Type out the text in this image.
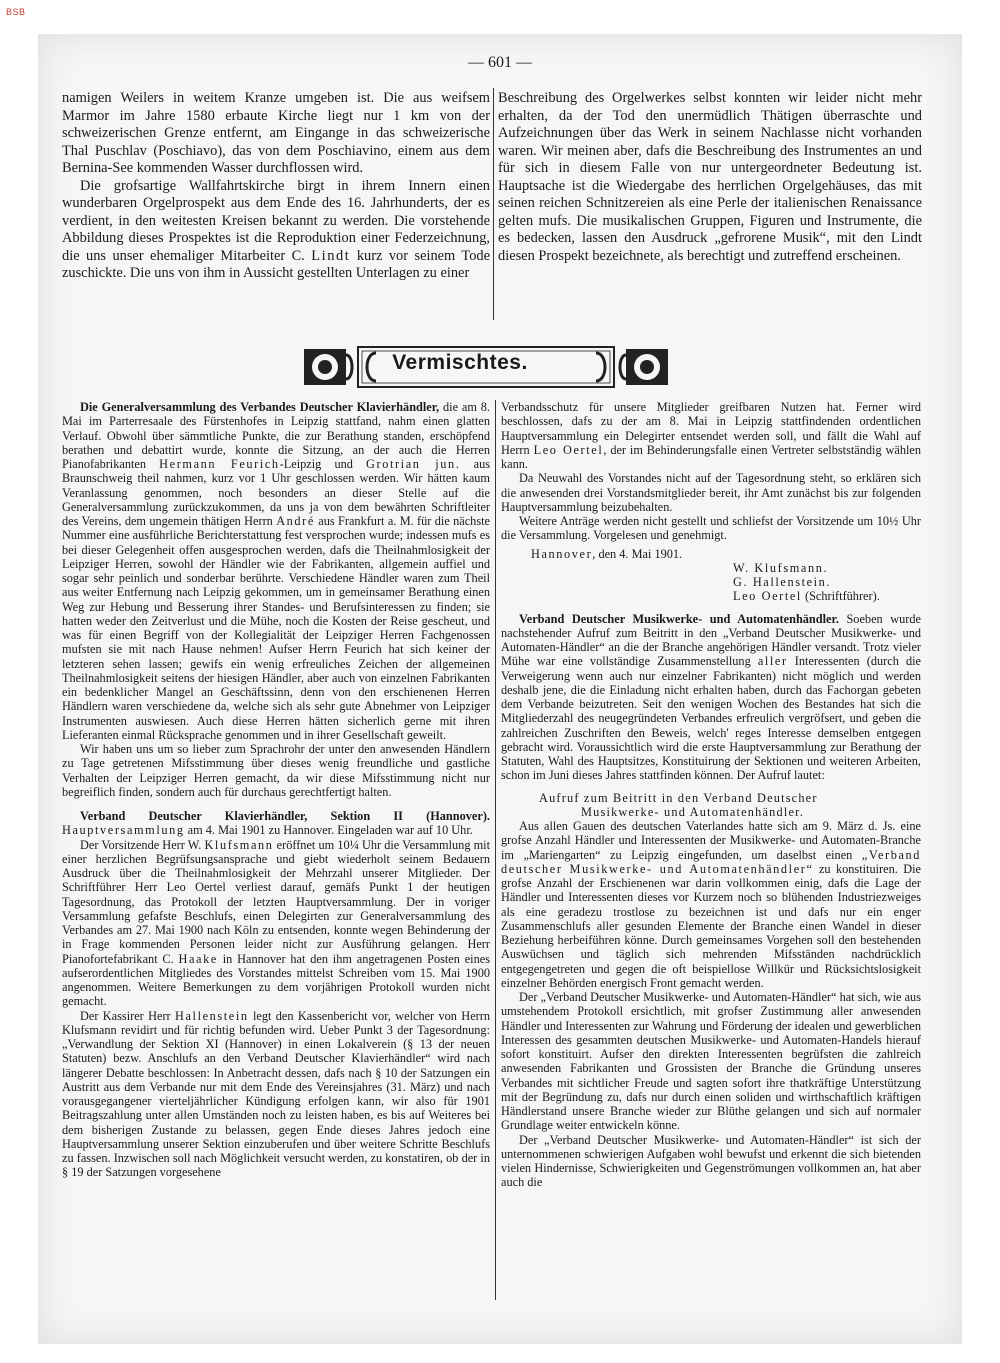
BSB
— 601 —

namigen Weilers in weitem Kranze umgeben ist. Die aus weifsem Marmor im Jahre 1580 erbaute Kirche liegt nur 1 km von der schweizerischen Grenze entfernt, am Eingange in das schweizerische Thal Puschlav (Poschiavo), das von dem Poschiavino, einem aus dem Bernina-See kommenden Wasser durchflossen wird.

Die grofsartige Wallfahrtskirche birgt in ihrem Innern einen wunderbaren Orgelprospekt aus dem Ende des 16. Jahrhunderts, der es verdient, in den weitesten Kreisen bekannt zu werden. Die vorstehende Abbildung dieses Prospektes ist die Reproduktion einer Federzeichnung, die uns unser ehemaliger Mitarbeiter C. Lindt kurz vor seinem Tode zuschickte. Die uns von ihm in Aussicht gestellten Unterlagen zu einer

Beschreibung des Orgelwerkes selbst konnten wir leider nicht mehr erhalten, da der Tod den unermüdlich Thätigen überraschte und Aufzeichnungen über das Werk in seinem Nachlasse nicht vorhanden waren. Wir meinen aber, dafs die Beschreibung des Instrumentes an und für sich in diesem Falle von nur untergeordneter Bedeutung ist. Hauptsache ist die Wiedergabe des herrlichen Orgelgehäuses, das mit seinen reichen Schnitzereien als eine Perle der italienischen Renaissance gelten mufs. Die musikalischen Gruppen, Figuren und Instrumente, die es bedecken, lassen den Ausdruck „gefrorene Musik“, mit den Lindt diesen Prospekt bezeichnete, als berechtigt und zutreffend erscheinen.

Vermischtes.

Die Generalversammlung des Verbandes Deutscher Klavierhändler, die am 8. Mai im Parterresaale des Fürstenhofes in Leipzig stattfand, nahm einen glatten Verlauf. Obwohl über sämmtliche Punkte, die zur Berathung standen, erschöpfend berathen und debattirt wurde, konnte die Sitzung, an der auch die Herren Pianofabrikanten Hermann Feurich-Leipzig und Grotrian jun. aus Braunschweig theil nahmen, kurz vor 1 Uhr geschlossen werden. Wir hätten kaum Veranlassung genommen, noch besonders an dieser Stelle auf die Generalversammlung zurückzukommen, da uns ja von dem bewährten Schriftleiter des Vereins, dem ungemein thätigen Herrn André aus Frankfurt a. M. für die nächste Nummer eine ausführliche Berichterstattung fest versprochen wurde; indessen mufs es bei dieser Gelegenheit offen ausgesprochen werden, dafs die Theilnahmlosigkeit der Leipziger Herren, sowohl der Händler wie der Fabrikanten, allgemein auffiel und sogar sehr peinlich und sonderbar berührte. Verschiedene Händler waren zum Theil aus weiter Entfernung nach Leipzig gekommen, um in gemeinsamer Berathung einen Weg zur Hebung und Besserung ihrer Standes- und Berufsinteressen zu finden; sie hatten weder den Zeitverlust und die Mühe, noch die Kosten der Reise gescheut, und was für einen Begriff von der Kollegialität der Leipziger Herren Fachgenossen mufsten sie mit nach Hause nehmen! Aufser Herrn Feurich hat sich keiner der letzteren sehen lassen; gewifs ein wenig erfreuliches Zeichen der allgemeinen Theilnahmlosigkeit seitens der hiesigen Händler, aber auch von einzelnen Fabrikanten ein bedenklicher Mangel an Geschäftssinn, denn von den erschienenen Herren Händlern waren verschiedene da, welche sich als sehr gute Abnehmer von Leipziger Instrumenten auswiesen. Auch diese Herren hätten sicherlich gerne mit ihren Lieferanten einmal Rücksprache genommen und in ihrer Gesellschaft geweilt.

Wir haben uns um so lieber zum Sprachrohr der unter den anwesenden Händlern zu Tage getretenen Mifsstimmung über dieses wenig freundliche und gastliche Verhalten der Leipziger Herren gemacht, da wir diese Mifsstimmung nicht nur begreiflich finden, sondern auch für durchaus gerechtfertigt halten.

Verband Deutscher Klavierhändler, Sektion II (Hannover). Hauptversammlung am 4. Mai 1901 zu Hannover. Eingeladen war auf 10 Uhr.

Der Vorsitzende Herr W. Klufsmann eröffnet um 10¼ Uhr die Versammlung mit einer herzlichen Begrüfsungsansprache und giebt wiederholt seinem Bedauern Ausdruck über die Theilnahmlosigkeit der Mehrzahl unserer Mitglieder. Der Schriftführer Herr Leo Oertel verliest darauf, gemäfs Punkt 1 der heutigen Tagesordnung, das Protokoll der letzten Hauptversammlung. Der in voriger Versammlung gefafste Beschlufs, einen Delegirten zur Generalversammlung des Verbandes am 27. Mai 1900 nach Köln zu entsenden, konnte wegen Behinderung der in Frage kommenden Personen leider nicht zur Ausführung gelangen. Herr Pianofortefabrikant C. Haake in Hannover hat den ihm angetragenen Posten eines aufserordentlichen Mitgliedes des Vorstandes mittelst Schreiben vom 15. Mai 1900 angenommen. Weitere Bemerkungen zu dem vorjährigen Protokoll wurden nicht gemacht.

Der Kassirer Herr Hallenstein legt den Kassenbericht vor, welcher von Herrn Klufsmann revidirt und für richtig befunden wird. Ueber Punkt 3 der Tagesordnung: „Verwandlung der Sektion XI (Hannover) in einen Lokalverein (§ 13 der neuen Statuten) bezw. Anschlufs an den Verband Deutscher Klavierhändler“ wird nach längerer Debatte beschlossen: In Anbetracht dessen, dafs nach § 10 der Satzungen ein Austritt aus dem Verbande nur mit dem Ende des Vereinsjahres (31. März) und nach vorausgegangener vierteljährlicher Kündigung erfolgen kann, wir also für 1901 Beitragszahlung unter allen Umständen noch zu leisten haben, es bis auf Weiteres bei dem bisherigen Zustande zu belassen, gegen Ende dieses Jahres jedoch eine Hauptversammlung unserer Sektion einzuberufen und über weitere Schritte Beschlufs zu fassen. Inzwischen soll nach Möglichkeit versucht werden, zu konstatiren, ob der in § 19 der Satzungen vorgesehene

Verbandsschutz für unsere Mitglieder greifbaren Nutzen hat. Ferner wird beschlossen, dafs zu der am 8. Mai in Leipzig stattfindenden ordentlichen Hauptversammlung ein Delegirter entsendet werden soll, und fällt die Wahl auf Herrn Leo Oertel, der im Behinderungsfalle einen Vertreter selbstständig wählen kann.

Da Neuwahl des Vorstandes nicht auf der Tagesordnung steht, so erklären sich die anwesenden drei Vorstandsmitglieder bereit, ihr Amt zunächst bis zur folgenden Hauptversammlung beizubehalten.

Weitere Anträge werden nicht gestellt und schliefst der Vorsitzende um 10½ Uhr die Versammlung. Vorgelesen und genehmigt.

Hannover, den 4. Mai 1901.

W. Klufsmann.

G. Hallenstein.

Leo Oertel (Schriftführer).

Verband Deutscher Musikwerke- und Automatenhändler. Soeben wurde nachstehender Aufruf zum Beitritt in den „Verband Deutscher Musikwerke- und Automaten-Händler“ an die der Branche angehörigen Händler versandt. Trotz vieler Mühe war eine vollständige Zusammenstellung aller Interessenten (durch die Verweigerung wenn auch nur einzelner Fabrikanten) nicht möglich und werden deshalb jene, die die Einladung nicht erhalten haben, durch das Fachorgan gebeten dem Verbande beizutreten. Seit den wenigen Wochen des Bestandes hat sich die Mitgliederzahl des neugegründeten Verbandes erfreulich vergröfsert, und geben die zahlreichen Zuschriften den Beweis, welch' reges Interesse demselben entgegen gebracht wird. Voraussichtlich wird die erste Hauptversammlung zur Berathung der Statuten, Wahl des Hauptsitzes, Konstituirung der Sektionen und weiteren Arbeiten, schon im Juni dieses Jahres stattfinden können. Der Aufruf lautet:

Aufruf zum Beitritt in den Verband Deutscher

Musikwerke- und Automatenhändler.

Aus allen Gauen des deutschen Vaterlandes hatte sich am 9. März d. Js. eine grofse Anzahl Händler und Interessenten der Musikwerke- und Automaten-Branche im „Mariengarten“ zu Leipzig eingefunden, um daselbst einen „Verband deutscher Musikwerke- und Automatenhändler“ zu konstituiren. Die grofse Anzahl der Erschienenen war darin vollkommen einig, dafs die Lage der Händler und Interessenten dieses vor Kurzem noch so blühenden Industriezweiges als eine geradezu trostlose zu bezeichnen ist und dafs nur ein enger Zusammenschlufs aller gesunden Elemente der Branche einen Wandel in dieser Beziehung herbeiführen könne. Durch gemeinsames Vorgehen soll den bestehenden Auswüchsen und täglich sich mehrenden Mifsständen nachdrücklich entgegengetreten und gegen die oft beispiellose Willkür und Rücksichtslosigkeit einzelner Behörden energisch Front gemacht werden.

Der „Verband Deutscher Musikwerke- und Automaten-Händler“ hat sich, wie aus umstehendem Protokoll ersichtlich, mit grofser Zustimmung aller anwesenden Händler und Interessenten zur Wahrung und Förderung der idealen und gewerblichen Interessen des gesammten deutschen Musikwerke- und Automaten-Handels hierauf sofort konstituirt. Aufser den direkten Interessenten begrüfsten die zahlreich anwesenden Fabrikanten und Grossisten der Branche die Gründung unseres Verbandes mit sichtlicher Freude und sagten sofort ihre thatkräftige Unterstützung mit der Begründung zu, dafs nur durch einen soliden und wirthschaftlich kräftigen Händlerstand unsere Branche wieder zur Blüthe gelangen und sich auf normaler Grundlage weiter entwickeln könne.

Der „Verband Deutscher Musikwerke- und Automaten-Händler“ ist sich der unternommenen schwierigen Aufgaben wohl bewufst und erkennt die sich bietenden vielen Hindernisse, Schwierigkeiten und Gegenströmungen vollkommen an, hat aber auch die
